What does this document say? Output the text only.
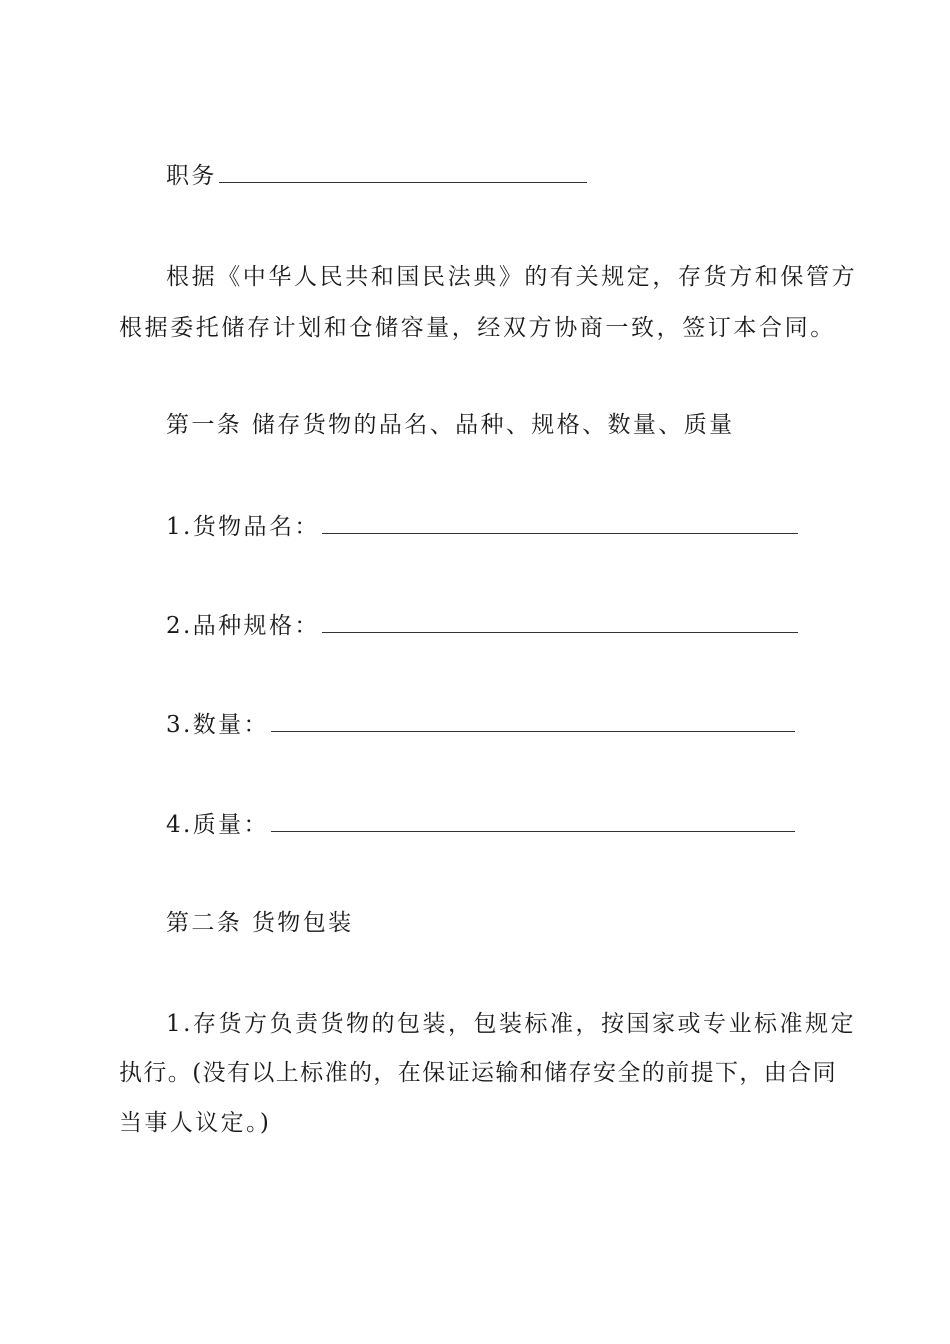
职务
根据《中华人民共和国民法典》的有关规定，存货方和保管方
根据委托储存计划和仓储容量，经双方协商一致，签订本合同。
第一条 储存货物的品名、品种、规格、数量、质量
1.货物品名：
2.品种规格：
3.数量：
4.质量：
第二条 货物包装
1.存货方负责货物的包装，包装标准，按国家或专业标准规定
执行。(没有以上标准的，在保证运输和储存安全的前提下，由合同
当事人议定。)
